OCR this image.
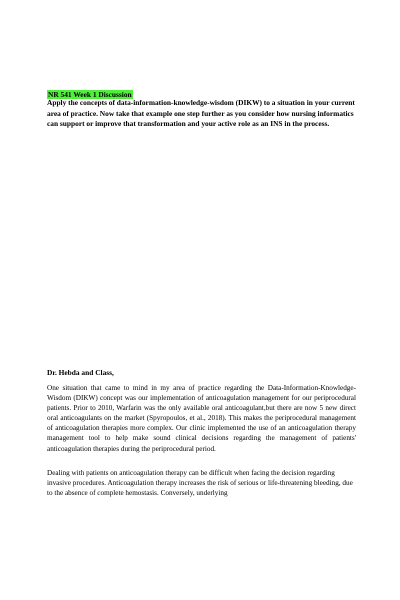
NR 541 Week 1 Discussion

Apply the concepts of data-information-knowledge-wisdom (DIKW) to a situation in your current area of practice. Now take that example one step further as you consider how nursing informatics can support or improve that transformation and your active role as an INS in the process.

Dr. Hebda and Class,

One situation that came to mind in my area of practice regarding the Data-Information-Knowledge-Wisdom (DIKW) concept was our implementation of anticoagulation management for our periprocedural patients. Prior to 2010, Warfarin was the only available oral anticoagulant,but there are now 5 new direct oral anticoagulants on the market (Spyropoulos, et al., 2018). This makes the periprocedural management of anticoagulation therapies more complex. Our clinic implemented the use of an anticoagulation therapy management tool to help make sound clinical decisions regarding the management of patients' anticoagulation therapies during the periprocedural period.

Dealing with patients on anticoagulation therapy can be difficult when facing the decision regarding invasive procedures. Anticoagulation therapy increases the risk of serious or life-threatening bleeding, due to the absence of complete hemostasis. Conversely, underlying
